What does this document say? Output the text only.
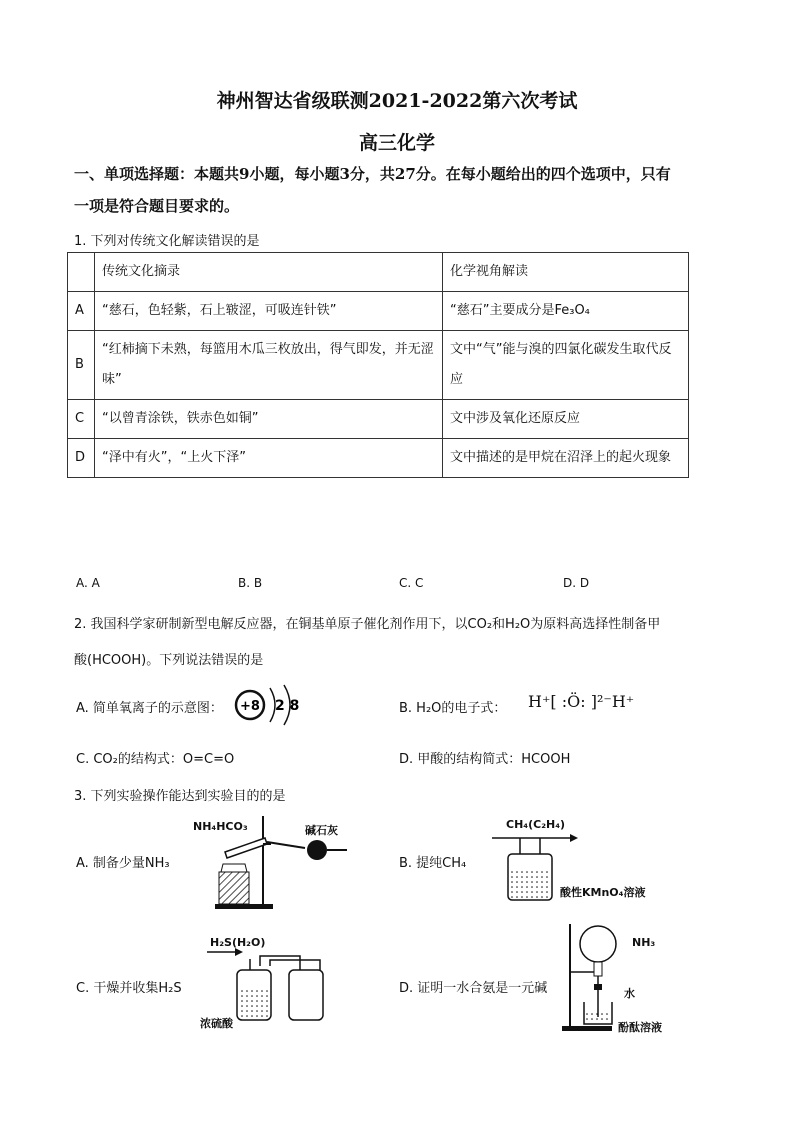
神州智达省级联测2021-2022第六次考试
高三化学
一、单项选择题：本题共9小题，每小题3分，共27分。在每小题给出的四个选项中，只有
一项是符合题目要求的。
1. 下列对传统文化解读错误的是
	传统文化摘录	化学视角解读
A	“慈石，色轻紫，石上皲涩，可吸连针铁”	“慈石”主要成分是Fe₃O₄
B	“红柿摘下未熟，每篮用木瓜三枚放出，得气即发，并无涩味”	文中“气”能与溴的四氯化碳发生取代反应
C	“以曾青涂铁，铁赤色如铜”	文中涉及氧化还原反应
D	“泽中有火”，“上火下泽”	文中描述的是甲烷在沼泽上的起火现象
A. A	B. B	C. C	D. D
2. 我国科学家研制新型电解反应器，在铜基单原子催化剂作用下，以CO₂和H₂O为原料高选择性制备甲
酸(HCOOH)。下列说法错误的是
A. 简单氧离子的示意图： +8 2 8	B. H₂O的电子式： H⁺[ :Ö: ]²⁻H⁺
C. CO₂的结构式：O=C=O	D. 甲酸的结构简式：HCOOH
3. 下列实验操作能达到实验目的的是
A. 制备少量NH₃
NH₄HCO₃	碱石灰
B. 提纯CH₄
CH₄(C₂H₄)
酸性KMnO₄溶液
C. 干燥并收集H₂S
H₂S(H₂O)
浓硫酸
D. 证明一水合氨是一元碱
NH₃
水
酚酞溶液
